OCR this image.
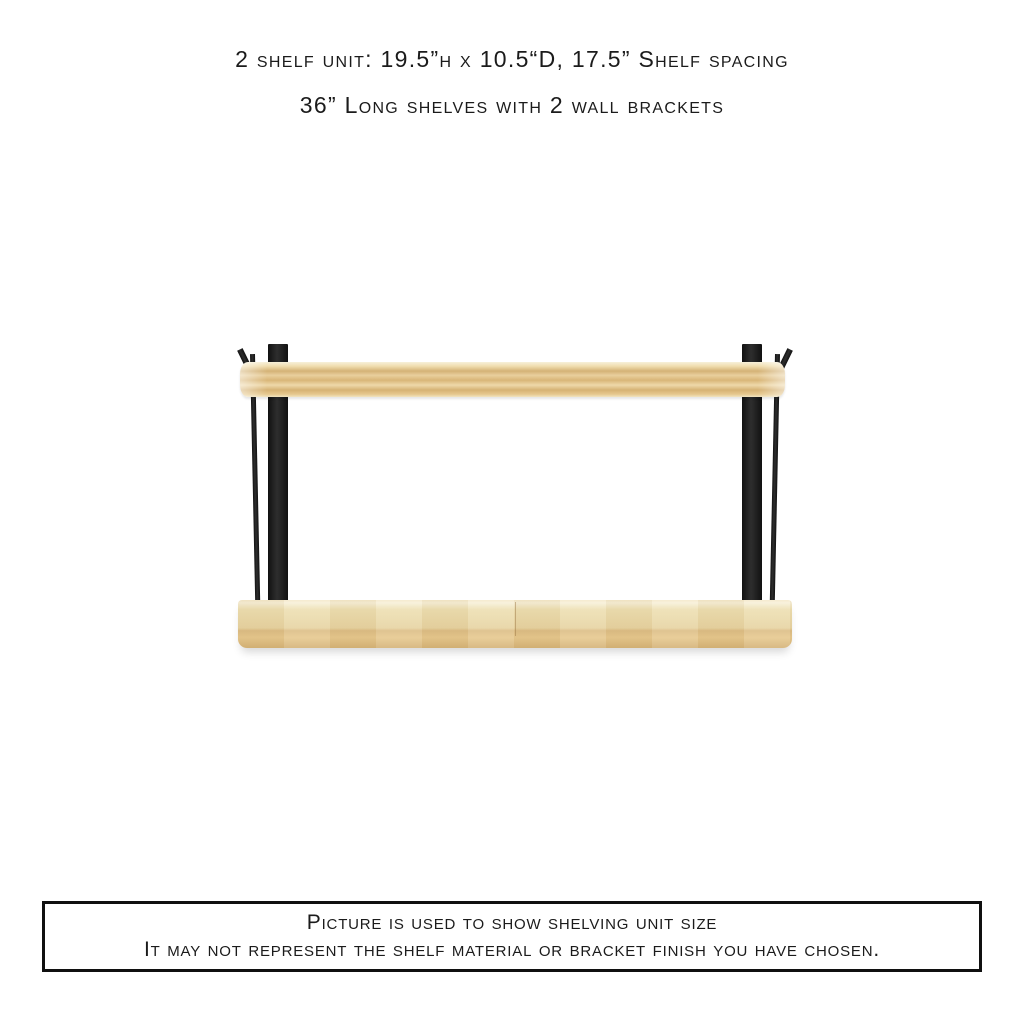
2 shelf unit: 19.5”h x 10.5“D, 17.5” Shelf spacing

36” Long shelves with 2 wall brackets

Picture is used to show shelving unit size

It may not represent the shelf material or bracket finish you have chosen.
